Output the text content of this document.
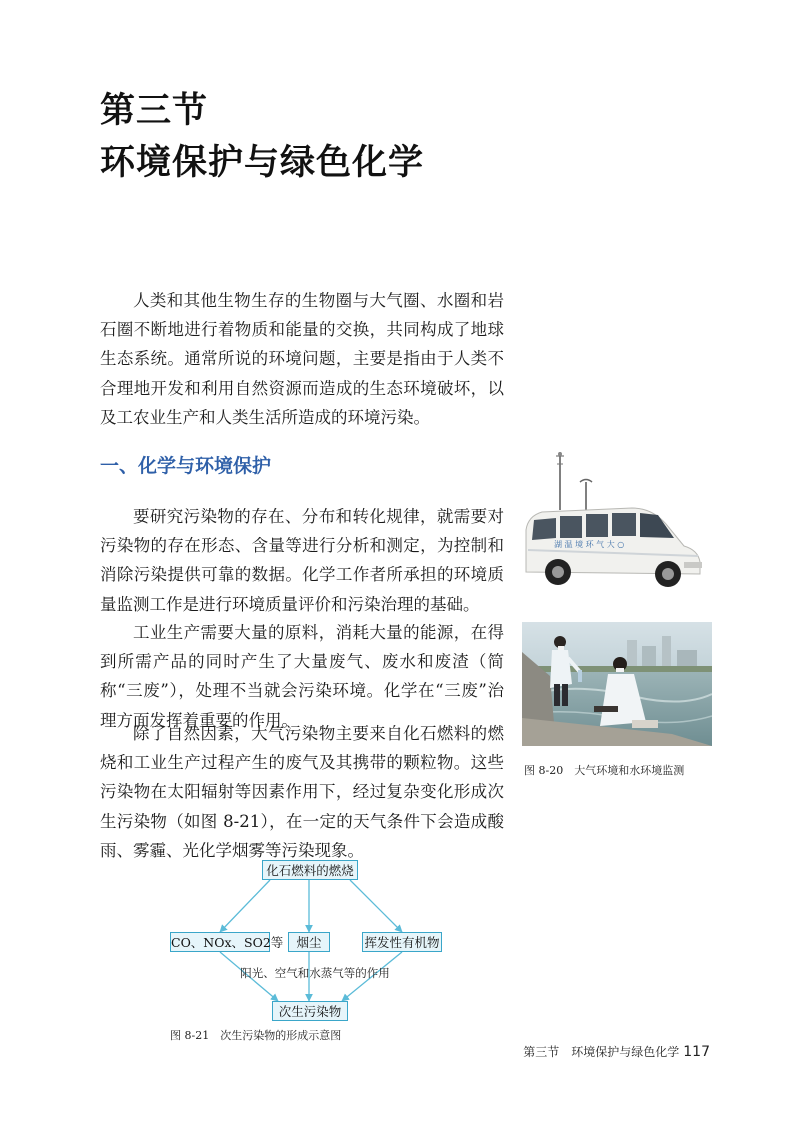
第三节
环境保护与绿色化学

人类和其他生物生存的生物圈与大气圈、水圈和岩石圈不断地进行着物质和能量的交换，共同构成了地球生态系统。通常所说的环境问题，主要是指由于人类不合理地开发和利用自然资源而造成的生态环境破坏，以及工农业生产和人类生活所造成的环境污染。

一、化学与环境保护

要研究污染物的存在、分布和转化规律，就需要对污染物的存在形态、含量等进行分析和测定，为控制和消除污染提供可靠的数据。化学工作者所承担的环境质量监测工作是进行环境质量评价和污染治理的基础。

工业生产需要大量的原料，消耗大量的能源，在得到所需产品的同时产生了大量废气、废水和废渣（简称“三废”），处理不当就会污染环境。化学在“三废”治理方面发挥着重要的作用。

除了自然因素，大气污染物主要来自化石燃料的燃烧和工业生产过程产生的废气及其携带的颗粒物。这些污染物在太阳辐射等因素作用下，经过复杂变化形成次生污染物（如图 8-21），在一定的天气条件下会造成酸雨、雾霾、光化学烟雾等污染现象。

湖 温 境 环 气 大 ○
图 8-20　大气环境和水环境监测
化石燃料的燃烧
CO、NOx、SO2等	烟尘	挥发性有机物
阳光、空气和水蒸气等的作用
次生污染物
图 8-21　次生污染物的形成示意图
第三节　环境保护与绿色化学 117
